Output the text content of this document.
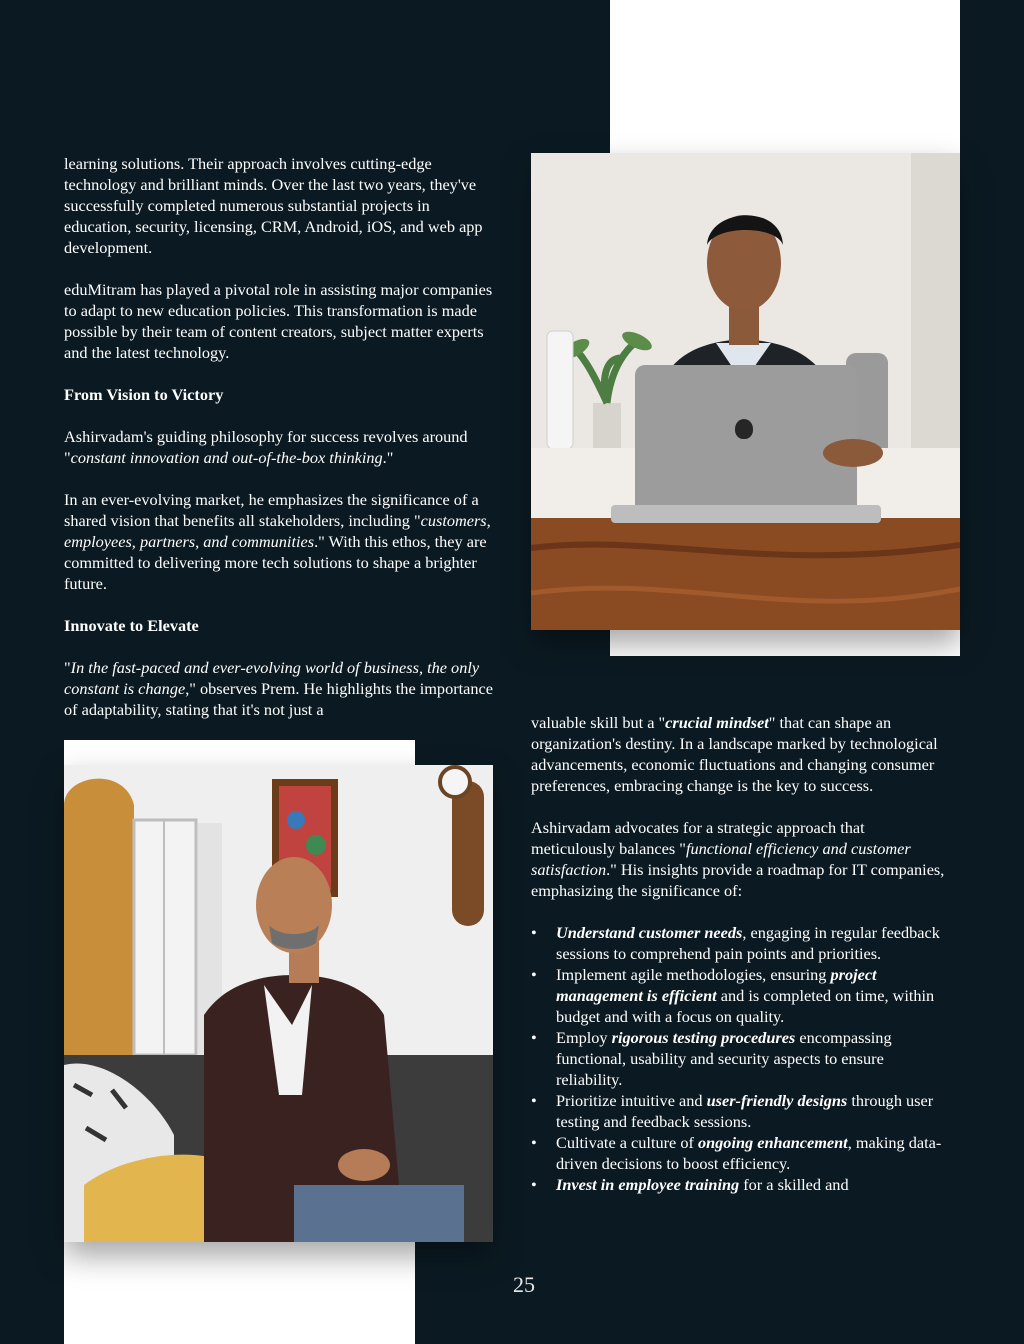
learning solutions. Their approach involves cutting-edge technology and brilliant minds. Over the last two years, they've successfully completed numerous substantial projects in education, security, licensing, CRM, Android, iOS, and web app development.

eduMitram has played a pivotal role in assisting major companies to adapt to new education policies. This transformation is made possible by their team of content creators, subject matter experts and the latest technology.

From Vision to Victory

Ashirvadam's guiding philosophy for success revolves around "constant innovation and out-of-the-box thinking."

In an ever-evolving market, he emphasizes the significance of a shared vision that benefits all stakeholders, including "customers, employees, partners, and communities." With this ethos, they are committed to delivering more tech solutions to shape a brighter future.

Innovate to Elevate

"In the fast-paced and ever-evolving world of business, the only constant is change," observes Prem. He highlights the importance of adaptability, stating that it's not just a

valuable skill but a "crucial mindset" that can shape an organization's destiny. In a landscape marked by technological advancements, economic fluctuations and changing consumer preferences, embracing change is the key to success.

Ashirvadam advocates for a strategic approach that meticulously balances "functional efficiency and customer satisfaction." His insights provide a roadmap for IT companies, emphasizing the significance of:

• Understand customer needs, engaging in regular feedback sessions to comprehend pain points and priorities.
• Implement agile methodologies, ensuring project management is efficient and is completed on time, within budget and with a focus on quality.
• Employ rigorous testing procedures encompassing functional, usability and security aspects to ensure reliability.
• Prioritize intuitive and user-friendly designs through user testing and feedback sessions.
• Cultivate a culture of ongoing enhancement, making data-driven decisions to boost efficiency.
• Invest in employee training for a skilled and
25
